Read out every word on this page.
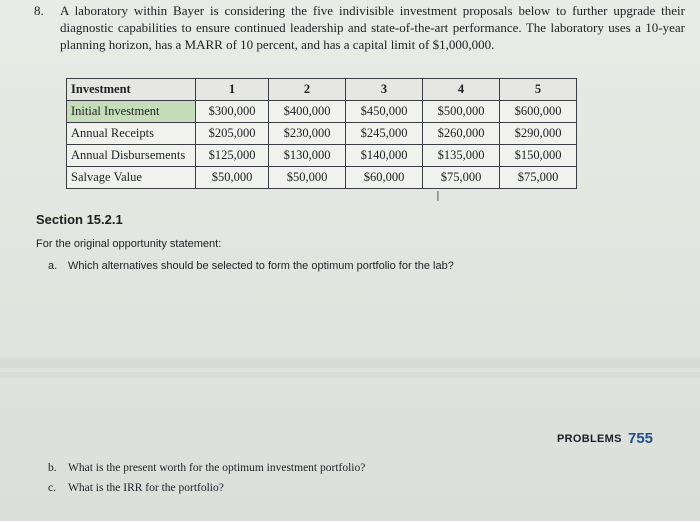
8. A laboratory within Bayer is considering the five indivisible investment proposals below to further upgrade their diagnostic capabilities to ensure continued leadership and state-of-the-art performance. The laboratory uses a 10-year planning horizon, has a MARR of 10 percent, and has a capital limit of $1,000,000.
Investment	1	2	3	4	5
Initial Investment	$300,000	$400,000	$450,000	$500,000	$600,000
Annual Receipts	$205,000	$230,000	$245,000	$260,000	$290,000
Annual Disbursements	$125,000	$130,000	$140,000	$135,000	$150,000
Salvage Value	$50,000	$50,000	$60,000	$75,000	$75,000
I
Section 15.2.1
For the original opportunity statement:
a. Which alternatives should be selected to form the optimum portfolio for the lab?
b. What is the present worth for the optimum investment portfolio?
c. What is the IRR for the portfolio?
PROBLEMS 755
